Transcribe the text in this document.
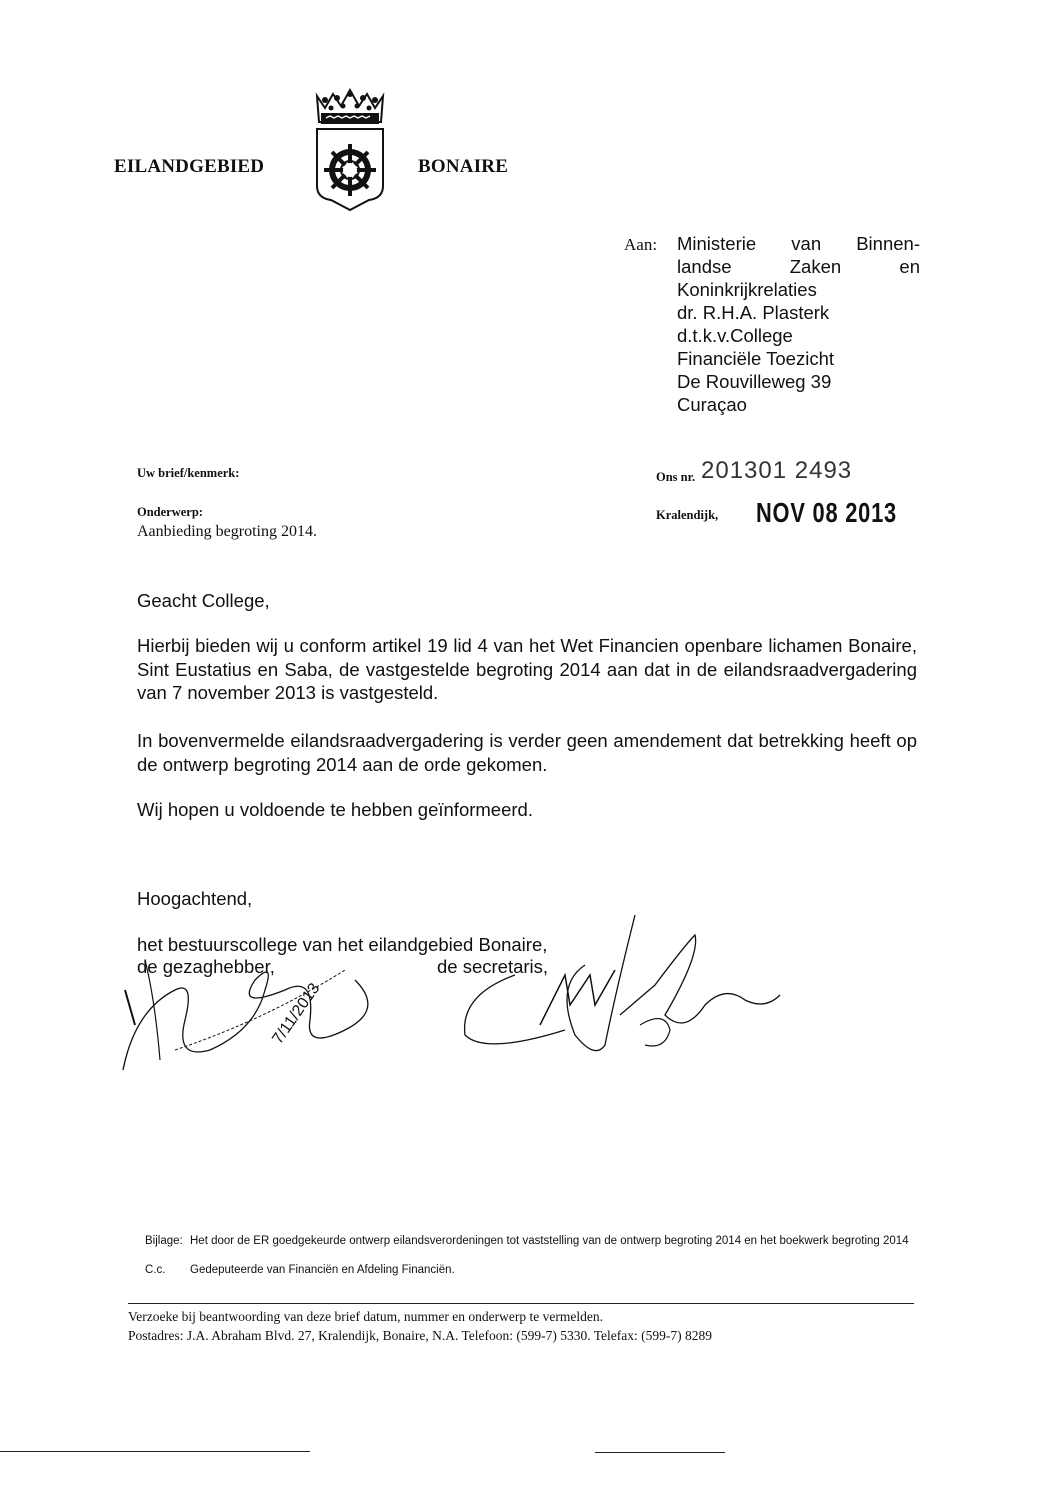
EILANDGEBIED	BONAIRE
Aan: Ministerie van Binnen-
landse	Zaken	en
Koninkrijkrelaties
dr. R.H.A. Plasterk
d.t.k.v.College
Financiële Toezicht
De Rouvilleweg 39
Curaçao
Uw brief/kenmerk:
Onderwerp:
Aanbieding begroting 2014.
Ons nr. 201301 2493
Kralendijk, NOV 08 2013
Geacht College,
Hierbij bieden wij u conform artikel 19 lid 4 van het Wet Financien openbare lichamen Bonaire, Sint Eustatius en Saba, de vastgestelde begroting 2014 aan dat in de eilandsraadvergadering van 7 november 2013 is vastgesteld.
In bovenvermelde eilandsraadvergadering is verder geen amendement dat betrekking heeft op de ontwerp begroting 2014 aan de orde gekomen.
Wij hopen u voldoende te hebben geïnformeerd.
Hoogachtend,
het bestuurscollege van het eilandgebied Bonaire,
de gezaghebber,	de secretaris,
7/11/2013
Bijlage: Het door de ER goedgekeurde ontwerp eilandsverordeningen tot vaststelling van de ontwerp begroting 2014 en het boekwerk begroting 2014
C.c. Gedeputeerde van Financiën en Afdeling Financiën.
Verzoeke bij beantwoording van deze brief datum, nummer en onderwerp te vermelden.
Postadres: J.A. Abraham Blvd. 27, Kralendijk, Bonaire, N.A. Telefoon: (599-7) 5330. Telefax: (599-7) 8289
